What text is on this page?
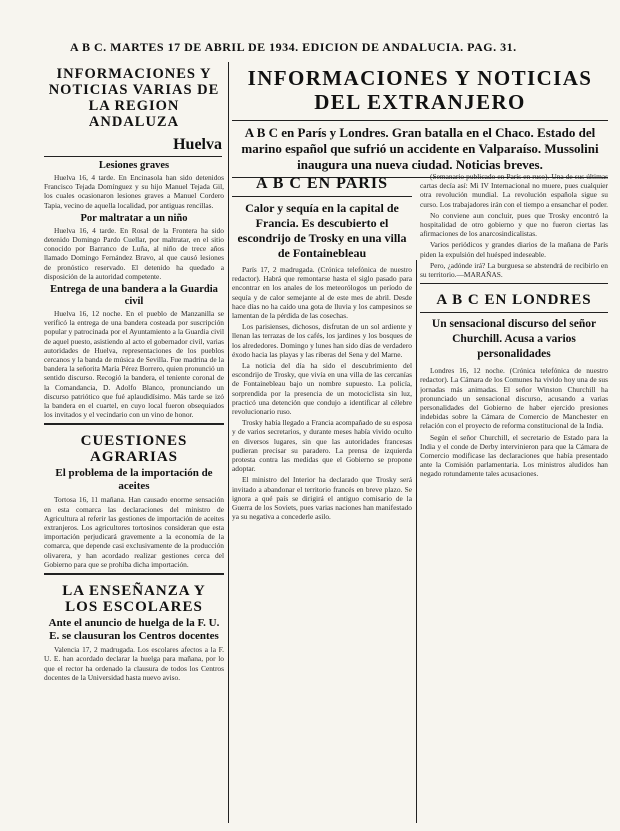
A B C. MARTES 17 DE ABRIL DE 1934. EDICION DE ANDALUCIA. PAG. 31.
INFORMACIONES Y NOTICIAS VARIAS DE LA REGION ANDALUZA
Huelva
Lesiones graves

Huelva 16, 4 tarde. En Encinasola han sido detenidos Francisco Tejada Domínguez y su hijo Manuel Tejada Gil, los cuales ocasionaron lesiones graves a Manuel Cordero Tapia, vecino de aquella localidad, por antiguas rencillas.

Por maltratar a un niño

Huelva 16, 4 tarde. En Rosal de la Frontera ha sido detenido Domingo Pardo Cuellar, por maltratar, en el sitio conocido por Barranco de Luña, al niño de trece años llamado Domingo Fernández Bravo, al que causó lesiones de pronóstico reservado. El detenido ha quedado a disposición de la autoridad competente.

Entrega de una bandera a la Guardia civil

Huelva 16, 12 noche. En el pueblo de Manzanilla se verificó la entrega de una bandera costeada por suscripción popular y patrocinada por el Ayuntamiento a la Guardia civil de aquel puesto, asistiendo al acto el gobernador civil, varias autoridades de Huelva, representaciones de los pueblos cercanos y la banda de música de Sevilla. Fue madrina de la bandera la señorita María Pérez Borrero, quien pronunció un sentido discurso. Recogió la bandera, el teniente coronal de la Comandancia, D. Adolfo Blanco, pronunciando un discurso patriótico que fué aplaudidísimo. Más tarde se izó la bandera en el cuartel, en cuyo local fueron obsequiados los invitados y el vecindario con un vino de honor.

CUESTIONES AGRARIAS
El problema de la importación de aceites

Tortosa 16, 11 mañana. Han causado enorme sensación en esta comarca las declaraciones del ministro de Agricultura al referir las gestiones de importación de aceites extranjeros. Los agricultores tortosinos consideran que esta importación perjudicará gravemente a la economía de la comarca, que depende casi exclusivamente de la producción olivarera, y han acordado realizar gestiones cerca del Gobierno para que se prohíba dicha importación.

LA ENSEÑANZA Y LOS ESCOLARES
Ante el anuncio de huelga de la F. U. E. se clausuran los Centros docentes

Valencia 17, 2 madrugada. Los escolares afectos a la F. U. E. han acordado declarar la huelga para mañana, por lo que el rector ha ordenado la clausura de todos los Centros docentes de la Universidad hasta nuevo aviso.

INFORMACIONES Y NOTICIAS DEL EXTRANJERO
A B C en París y Londres. Gran batalla en el Chaco. Estado del marino español que sufrió un accidente en Valparaíso. Mussolini inaugura una nueva ciudad. Noticias breves.
A B C EN PARIS
Calor y sequía en la capital de Francia. Es descubierto el escondrijo de Trosky en una villa de Fontainebleau

París 17, 2 madrugada. (Crónica telefónica de nuestro redactor). Habrá que remontarse hasta el siglo pasado para encontrar en los anales de los meteorólogos un período de sequía y de calor semejante al de este mes de abril. Desde hace días no ha caído una gota de lluvia y los campesinos se lamentan de la pérdida de las cosechas.

Los parisienses, dichosos, disfrutan de un sol ardiente y llenan las terrazas de los cafés, los jardines y los bosques de los alrededores. Domingo y lunes han sido días de verdadero éxodo hacia las playas y las riberas del Sena y del Marne.

La noticia del día ha sido el descubrimiento del escondrijo de Trosky, que vivía en una villa de las cercanías de Fontainebleau bajo un nombre supuesto. La policía, sorprendida por la presencia de un motociclista sin luz, practicó una detención que condujo a identificar al célebre revolucionario ruso.

Trosky había llegado a Francia acompañado de su esposa y de varios secretarios, y durante meses había vivido oculto en diversos lugares, sin que las autoridades francesas pudieran precisar su paradero. La prensa de izquierda protesta contra las medidas que el Gobierno se propone adoptar.

El ministro del Interior ha declarado que Trosky será invitado a abandonar el territorio francés en breve plazo. Se ignora a qué país se dirigirá el antiguo comisario de la Guerra de los Soviets, pues varias naciones han manifestado ya su negativa a concederle asilo.

(Semanario publicado en París en ruso). Una de sus últimas cartas decía así: Mi IV Internacional no muere, pues cualquier otra revolución mundial. La revolución española sigue su curso. Los trabajadores irán con el tiempo a ensanchar el poder.

No conviene aun concluir, pues que Trosky encontró la hospitalidad de otro gobierno y que no fueron ciertas las afirmaciones de los anarcosindicalistas.

Varios periódicos y grandes diarios de la mañana de París piden la expulsión del huésped indeseable.

Pero, ¿adónde irá? La burguesa se abstendrá de recibirlo en su territorio.—MARAÑAS.

A B C EN LONDRES
Un sensacional discurso del señor Churchill. Acusa a varios personalidades

Londres 16, 12 noche. (Crónica telefónica de nuestro redactor). La Cámara de los Comunes ha vivido hoy una de sus jornadas más animadas. El señor Winston Churchill ha pronunciado un sensacional discurso, acusando a varias personalidades del Gobierno de haber ejercido presiones indebidas sobre la Cámara de Comercio de Manchester en relación con el proyecto de reforma constitucional de la India.

Según el señor Churchill, el secretario de Estado para la India y el conde de Derby intervinieron para que la Cámara de Comercio modificase las declaraciones que había presentado ante la Comisión parlamentaria. Los ministros aludidos han negado rotundamente tales acusaciones.
